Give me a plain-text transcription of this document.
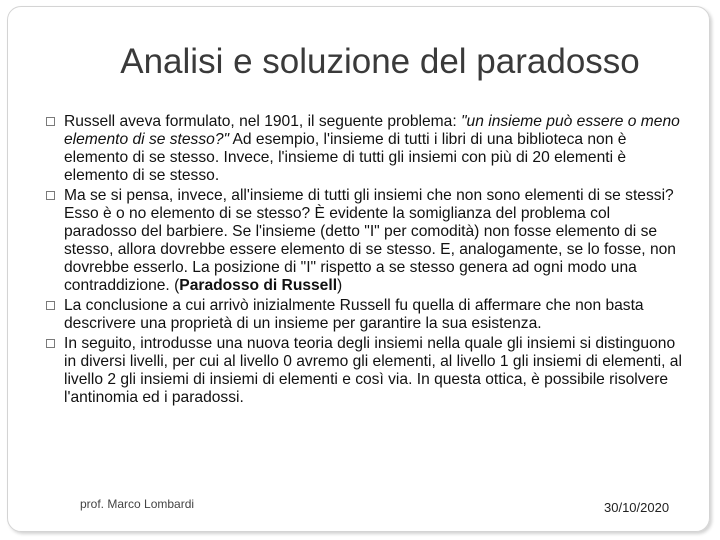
Analisi e soluzione del paradosso
Russell aveva formulato, nel 1901, il seguente problema: "un insieme può essere o meno elemento di se stesso?" Ad esempio, l'insieme di tutti i libri di una biblioteca non è elemento di se stesso. Invece, l'insieme di tutti gli insiemi con più di 20 elementi è elemento di se stesso.
Ma se si pensa, invece, all'insieme di tutti gli insiemi che non sono elementi di se stessi? Esso è o no elemento di se stesso? È evidente la somiglianza del problema col paradosso del barbiere. Se l'insieme (detto "I" per comodità) non fosse elemento di se stesso, allora dovrebbe essere elemento di se stesso. E, analogamente, se lo fosse, non dovrebbe esserlo. La posizione di "I" rispetto a se stesso genera ad ogni modo una contraddizione. (Paradosso di Russell)
La conclusione a cui arrivò inizialmente Russell fu quella di affermare che non basta descrivere una proprietà di un insieme per garantire la sua esistenza.
In seguito, introdusse una nuova teoria degli insiemi nella quale gli insiemi si distinguono in diversi livelli, per cui al livello 0 avremo gli elementi, al livello 1 gli insiemi di elementi, al livello 2 gli insiemi di insiemi di elementi e così via. In questa ottica, è possibile risolvere l'antinomia ed i paradossi.
prof. Marco Lombardi	30/10/2020
